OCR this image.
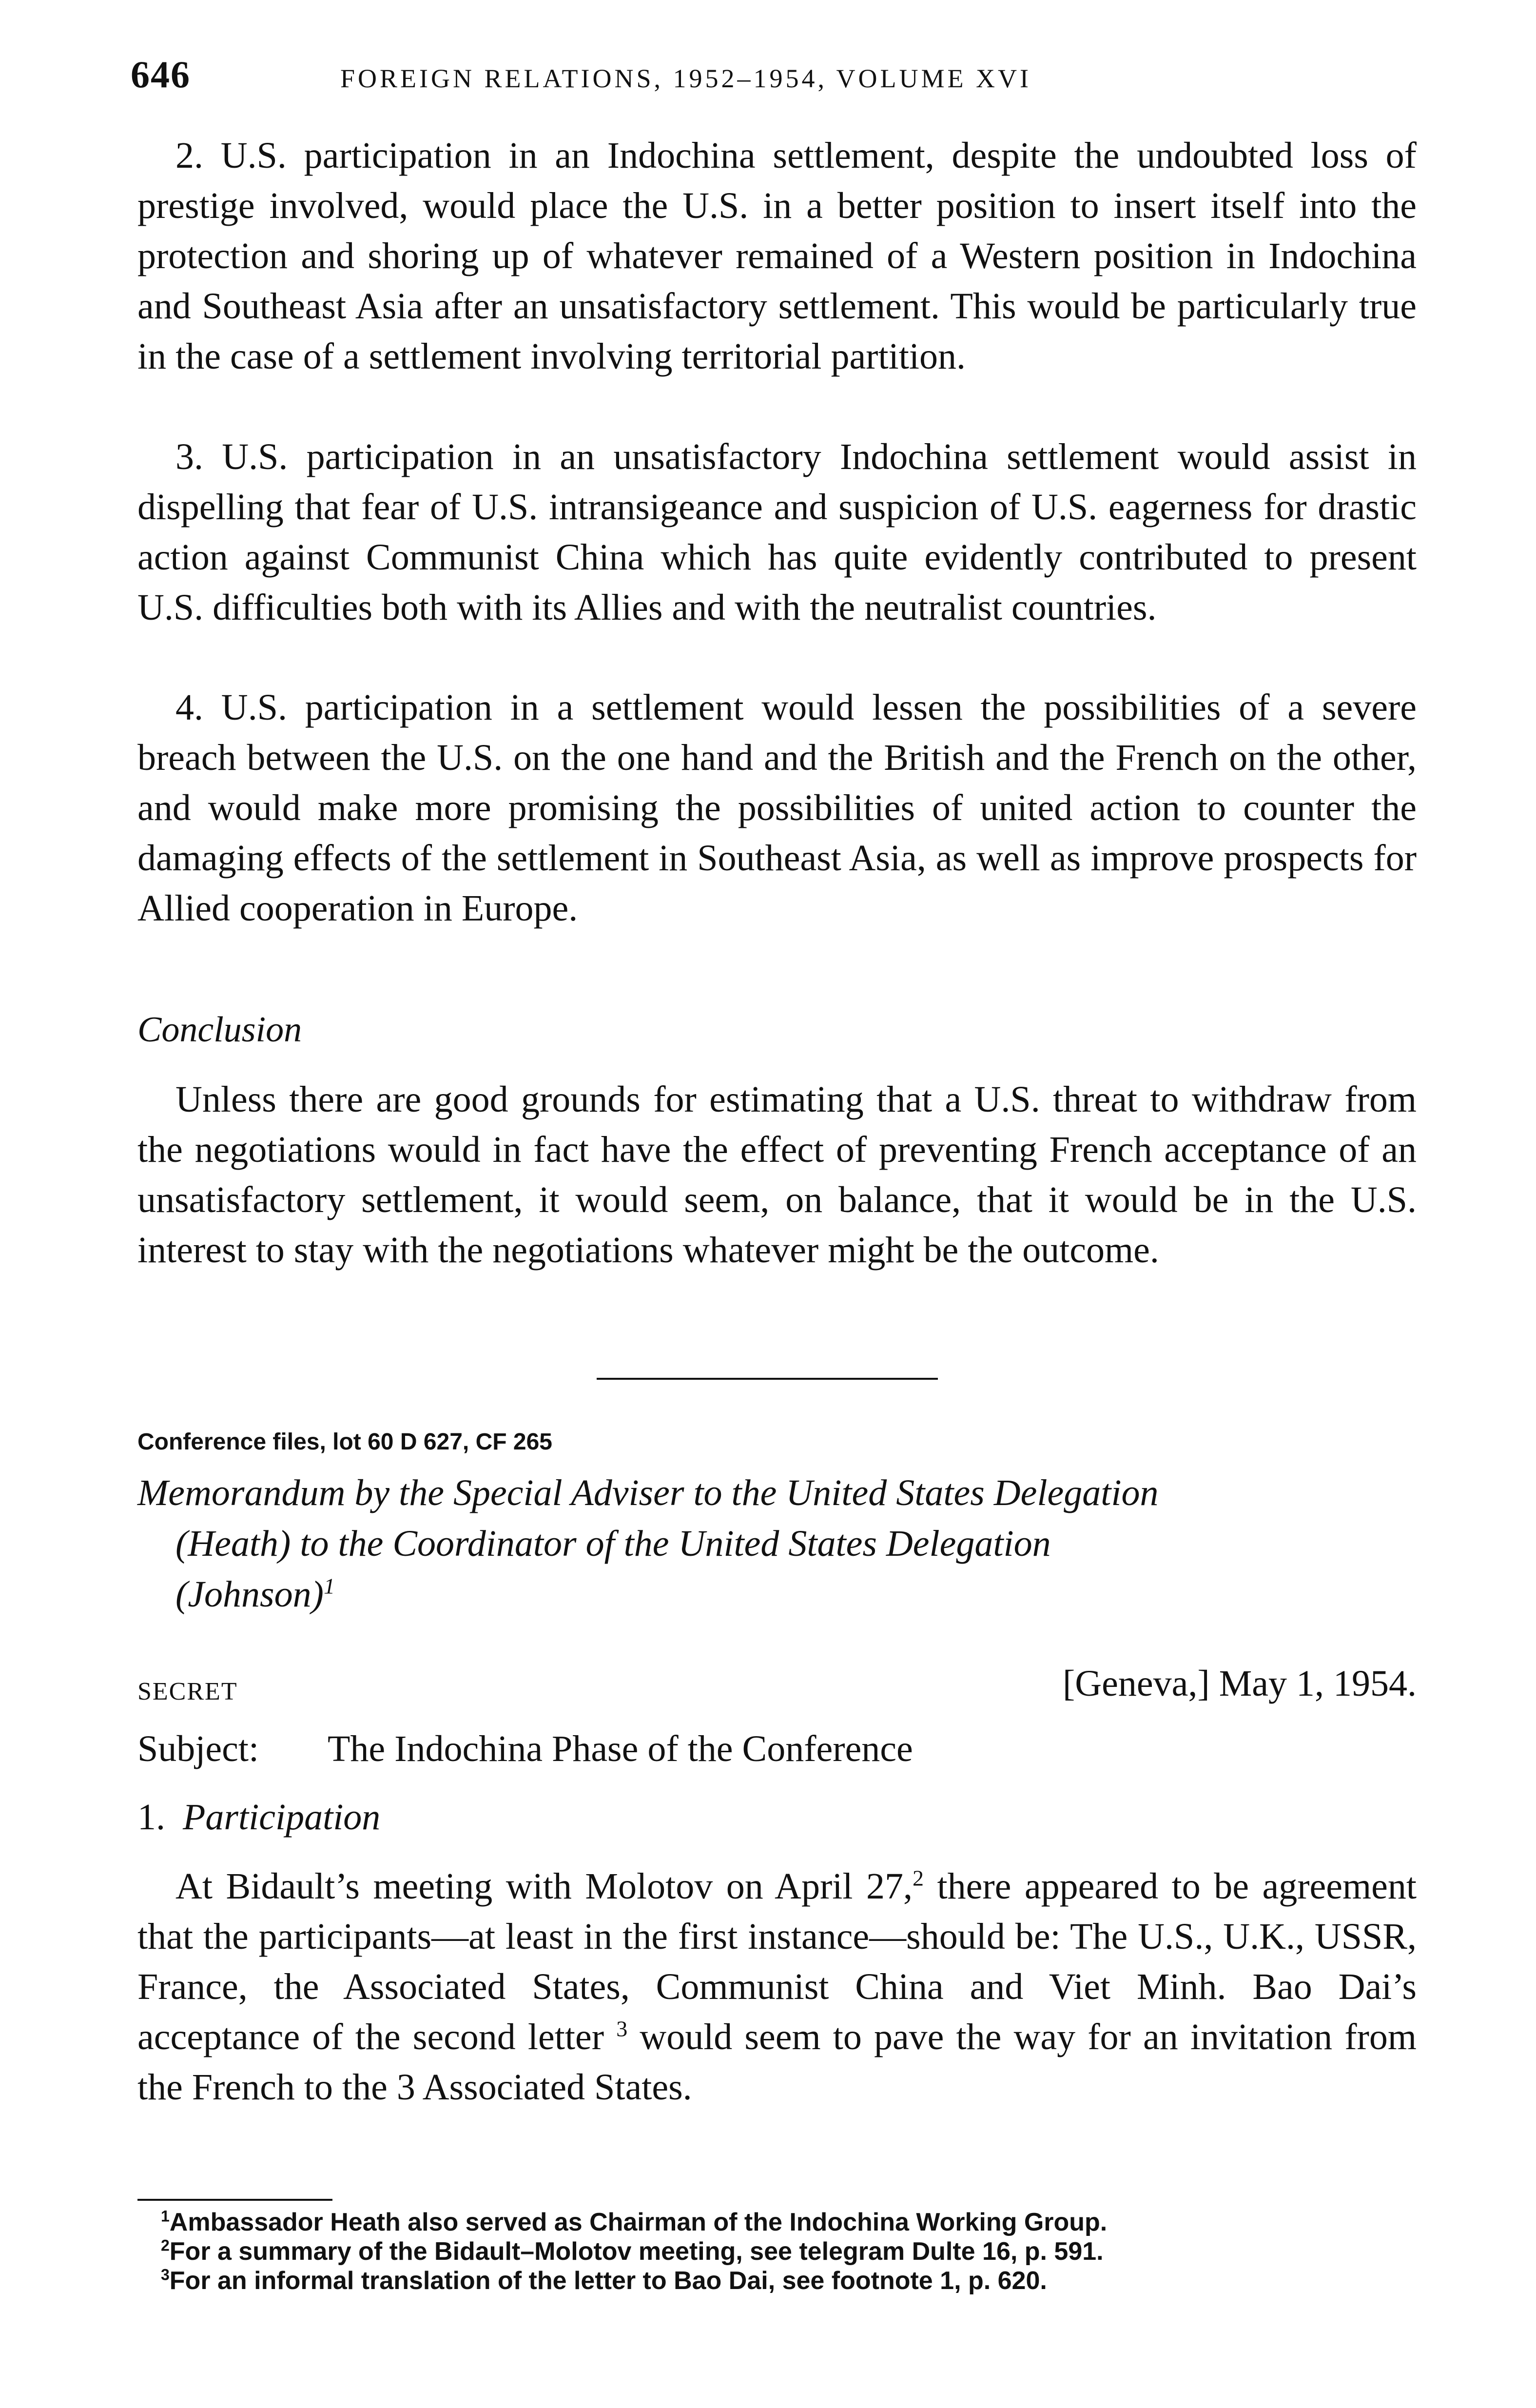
646	FOREIGN RELATIONS, 1952–1954, VOLUME XVI

2. U.S. participation in an Indochina settlement, despite the undoubted loss of prestige involved, would place the U.S. in a better position to insert itself into the protection and shoring up of whatever remained of a Western position in Indochina and Southeast Asia after an unsatisfactory settlement. This would be particularly true in the case of a settlement involving territorial partition.

3. U.S. participation in an unsatisfactory Indochina settlement would assist in dispelling that fear of U.S. intransigeance and suspicion of U.S. eagerness for drastic action against Communist China which has quite evidently contributed to present U.S. difficulties both with its Allies and with the neutralist countries.

4. U.S. participation in a settlement would lessen the possibilities of a severe breach between the U.S. on the one hand and the British and the French on the other, and would make more promising the possibilities of united action to counter the damaging effects of the settlement in Southeast Asia, as well as improve prospects for Allied cooperation in Europe.

Conclusion

Unless there are good grounds for estimating that a U.S. threat to withdraw from the negotiations would in fact have the effect of preventing French acceptance of an unsatisfactory settlement, it would seem, on balance, that it would be in the U.S. interest to stay with the negotiations whatever might be the outcome.

Conference files, lot 60 D 627, CF 265
Memorandum by the Special Adviser to the United States Delegation
(Heath) to the Coordinator of the United States Delegation
(Johnson)$^1$
SECRET	[Geneva,] May 1, 1954.
Subject: The Indochina Phase of the Conference
1. Participation

At Bidault’s meeting with Molotov on April 27,$^2$ there appeared to be agreement that the participants—at least in the first instance—should be: The U.S., U.K., USSR, France, the Associated States, Communist China and Viet Minh. Bao Dai’s acceptance of the second letter $^3$ would seem to pave the way for an invitation from the French to the 3 Associated States.

$^1$Ambassador Heath also served as Chairman of the Indochina Working Group.

$^2$For a summary of the Bidault–Molotov meeting, see telegram Dulte 16, p. 591.

$^3$For an informal translation of the letter to Bao Dai, see footnote 1, p. 620.
